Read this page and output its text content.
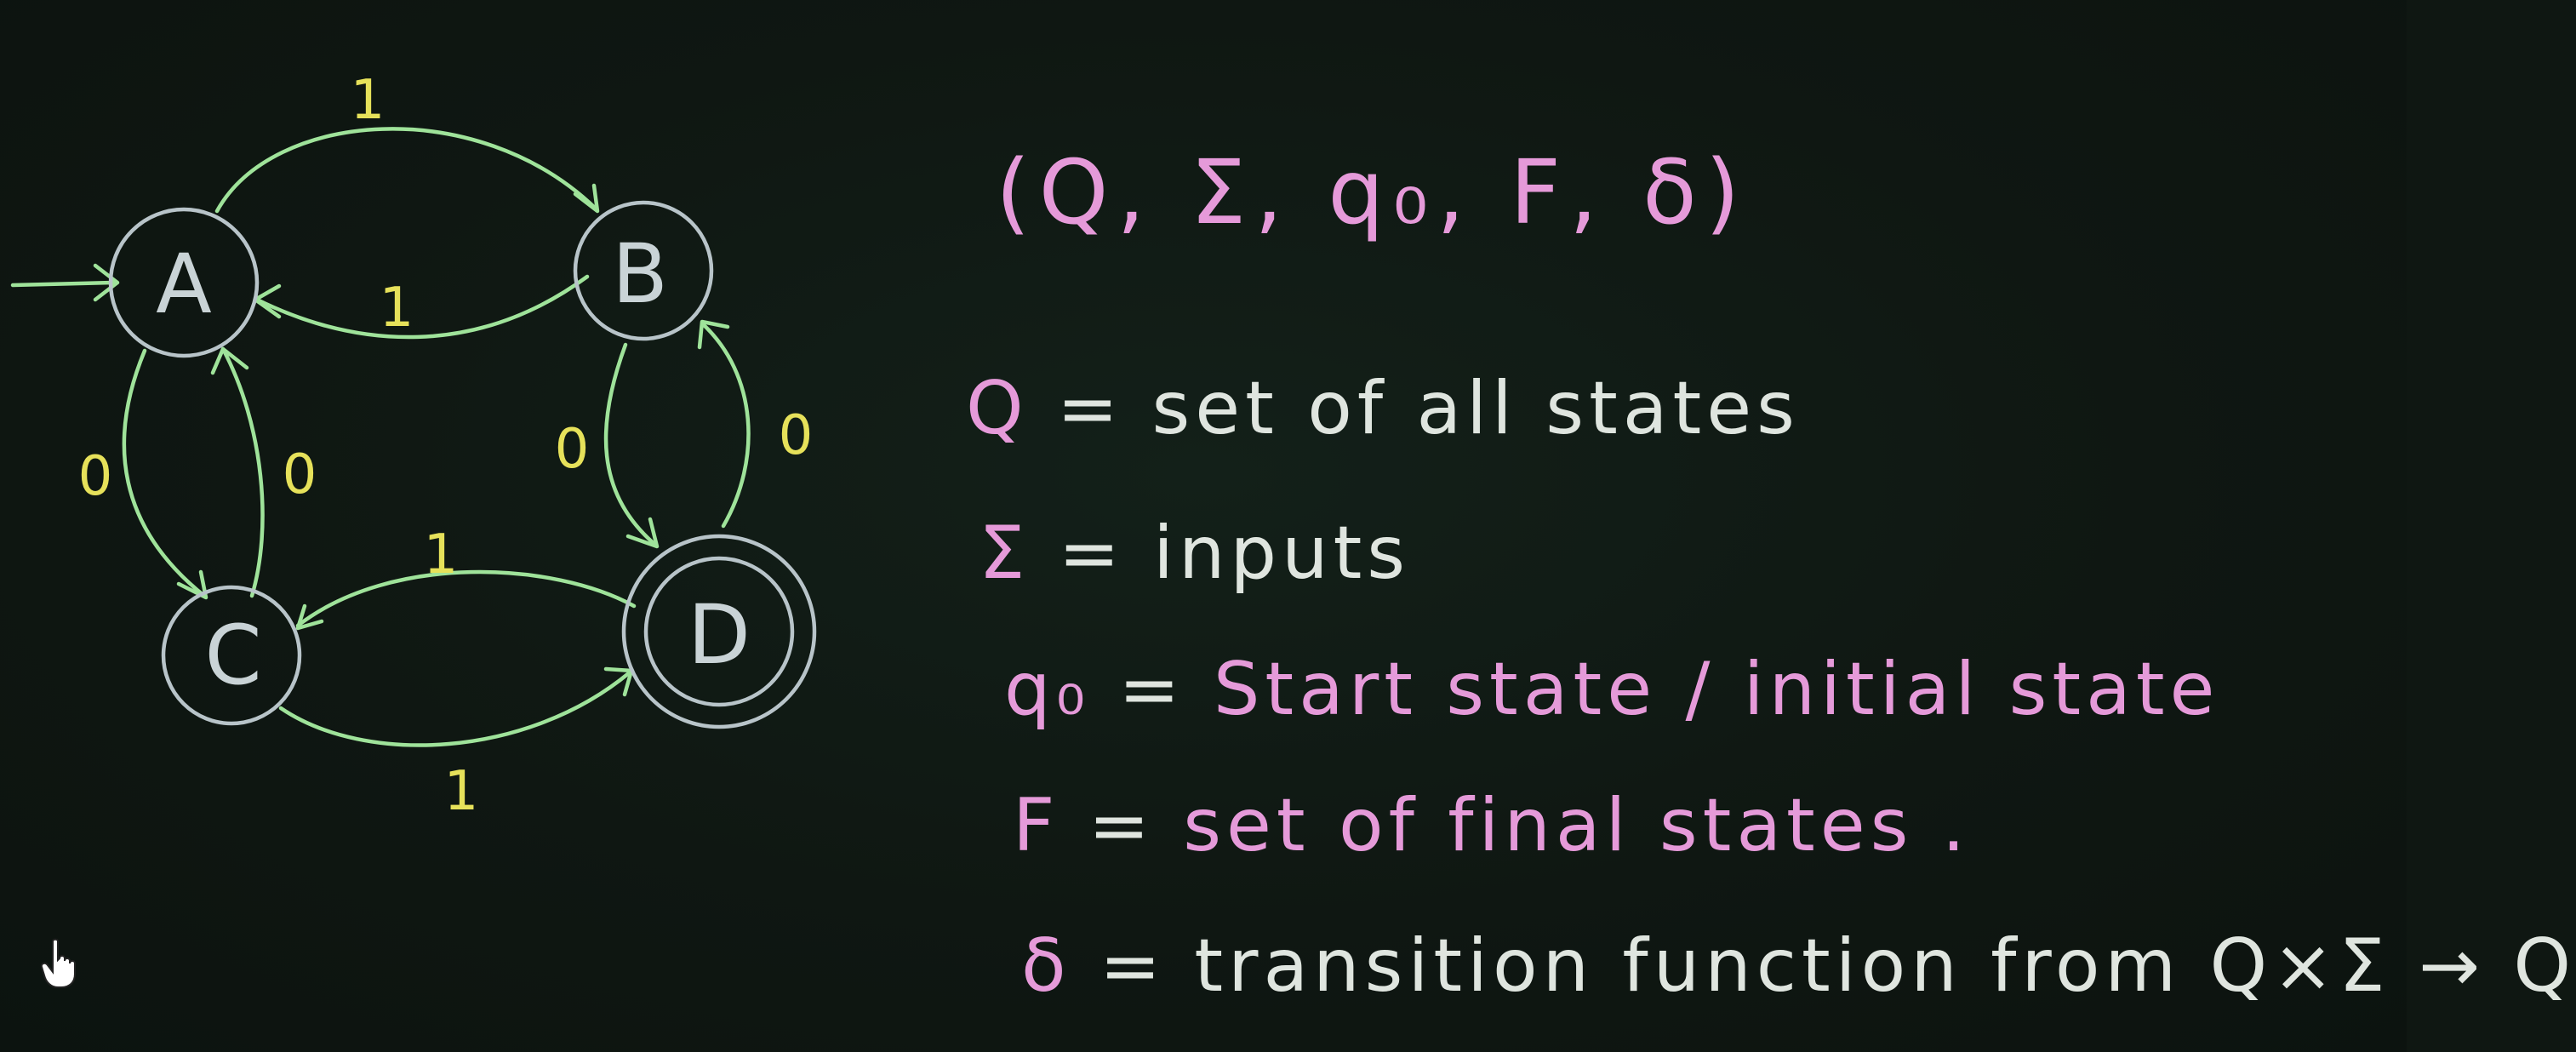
1
1
0	0	0	0
1
1
A	B
C	D
(Q, Σ, q₀, F, δ)
Q = set of all states
Σ = inputs
q₀ = Start state / initial state
F = set of final states .
δ = transition function from Q×Σ → Q
